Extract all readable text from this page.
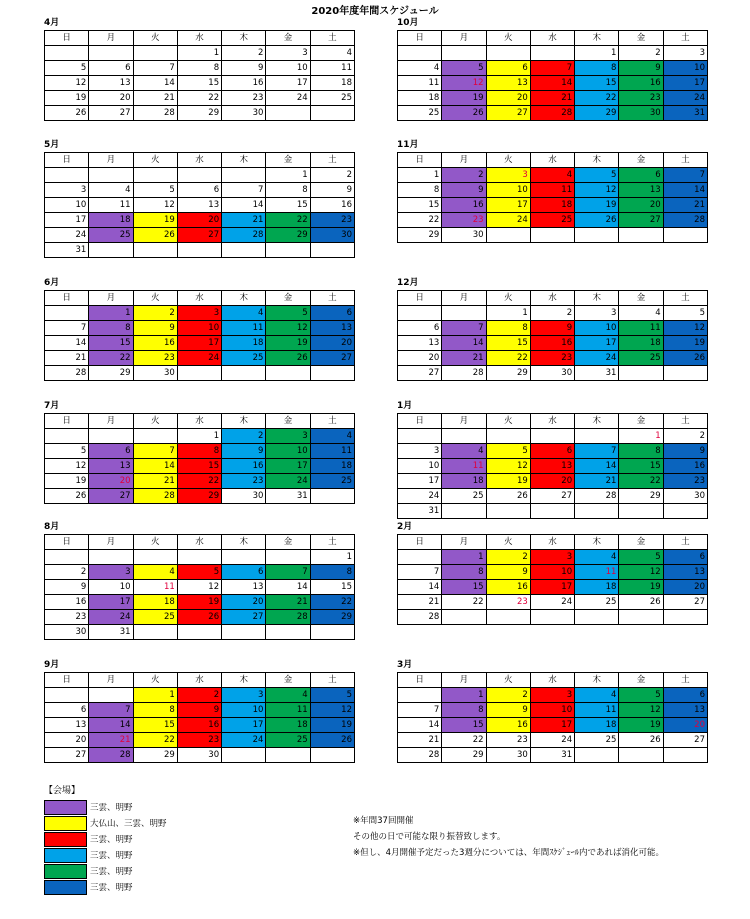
2020年度年間スケジュール
4月
日	月	火	水	木	金	土
			1	2	3	4
5	6	7	8	9	10	11
12	13	14	15	16	17	18
19	20	21	22	23	24	25
26	27	28	29	30		
5月
日	月	火	水	木	金	土
					1	2
3	4	5	6	7	8	9
10	11	12	13	14	15	16
17	18	19	20	21	22	23
24	25	26	27	28	29	30
31						
6月
日	月	火	水	木	金	土
	1	2	3	4	5	6
7	8	9	10	11	12	13
14	15	16	17	18	19	20
21	22	23	24	25	26	27
28	29	30				
7月
日	月	火	水	木	金	土
			1	2	3	4
5	6	7	8	9	10	11
12	13	14	15	16	17	18
19	20	21	22	23	24	25
26	27	28	29	30	31	
8月
日	月	火	水	木	金	土
						1
2	3	4	5	6	7	8
9	10	11	12	13	14	15
16	17	18	19	20	21	22
23	24	25	26	27	28	29
30	31					
9月
日	月	火	水	木	金	土
		1	2	3	4	5
6	7	8	9	10	11	12
13	14	15	16	17	18	19
20	21	22	23	24	25	26
27	28	29	30			
10月
日	月	火	水	木	金	土
				1	2	3
4	5	6	7	8	9	10
11	12	13	14	15	16	17
18	19	20	21	22	23	24
25	26	27	28	29	30	31
11月
日	月	火	水	木	金	土
1	2	3	4	5	6	7
8	9	10	11	12	13	14
15	16	17	18	19	20	21
22	23	24	25	26	27	28
29	30					
12月
日	月	火	水	木	金	土
		1	2	3	4	5
6	7	8	9	10	11	12
13	14	15	16	17	18	19
20	21	22	23	24	25	26
27	28	29	30	31		
1月
日	月	火	水	木	金	土
					1	2
3	4	5	6	7	8	9
10	11	12	13	14	15	16
17	18	19	20	21	22	23
24	25	26	27	28	29	30
31						
2月
日	月	火	水	木	金	土
	1	2	3	4	5	6
7	8	9	10	11	12	13
14	15	16	17	18	19	20
21	22	23	24	25	26	27
28						
3月
日	月	火	水	木	金	土
	1	2	3	4	5	6
7	8	9	10	11	12	13
14	15	16	17	18	19	20
21	22	23	24	25	26	27
28	29	30	31			
【会場】
三雲、明野
大仏山、三雲、明野
三雲、明野
三雲、明野
三雲、明野
三雲、明野
※年間37回開催
その他の日で可能な限り振替致します。
※但し、4月開催予定だった3週分については、年間ｽｹｼﾞｭｰﾙ内であれば消化可能。
